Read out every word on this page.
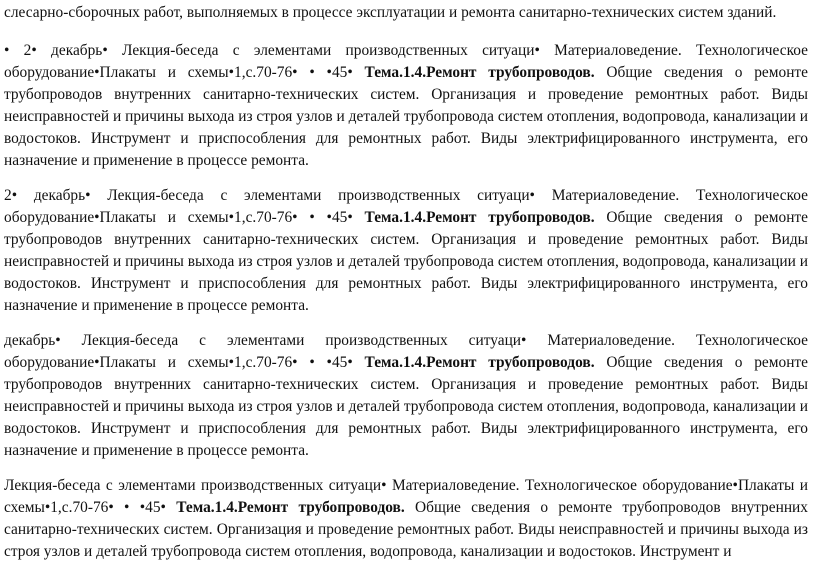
слесарно-сборочных работ, выполняемых в процессе эксплуатации и ремонта санитарно-технических систем зданий.

• 2• декабрь• Лекция-беседа с элементами производственных ситуаци• Материаловедение. Технологическое оборудование•Плакаты и схемы•1,с.70-76• • •45• Тема.1.4.Ремонт трубопроводов. Общие сведения о ремонте трубопроводов внутренних санитарно-технических систем. Организация и проведение ремонтных работ. Виды неисправностей и причины выхода из строя узлов и деталей трубопровода систем отопления, водопровода, канализации и водостоков. Инструмент и приспособления для ремонтных работ. Виды электрифицированного инструмента, его назначение и применение в процессе ремонта.

2• декабрь• Лекция-беседа с элементами производственных ситуаци• Материаловедение. Технологическое оборудование•Плакаты и схемы•1,с.70-76• • •45• Тема.1.4.Ремонт трубопроводов. Общие сведения о ремонте трубопроводов внутренних санитарно-технических систем. Организация и проведение ремонтных работ. Виды неисправностей и причины выхода из строя узлов и деталей трубопровода систем отопления, водопровода, канализации и водостоков. Инструмент и приспособления для ремонтных работ. Виды электрифицированного инструмента, его назначение и применение в процессе ремонта.

декабрь• Лекция-беседа с элементами производственных ситуаци• Материаловедение. Технологическое оборудование•Плакаты и схемы•1,с.70-76• • •45• Тема.1.4.Ремонт трубопроводов. Общие сведения о ремонте трубопроводов внутренних санитарно-технических систем. Организация и проведение ремонтных работ. Виды неисправностей и причины выхода из строя узлов и деталей трубопровода систем отопления, водопровода, канализации и водостоков. Инструмент и приспособления для ремонтных работ. Виды электрифицированного инструмента, его назначение и применение в процессе ремонта.

Лекция-беседа с элементами производственных ситуаци• Материаловедение. Технологическое оборудование•Плакаты и схемы•1,с.70-76• • •45• Тема.1.4.Ремонт трубопроводов. Общие сведения о ремонте трубопроводов внутренних санитарно-технических систем. Организация и проведение ремонтных работ. Виды неисправностей и причины выхода из строя узлов и деталей трубопровода систем отопления, водопровода, канализации и водостоков. Инструмент и
